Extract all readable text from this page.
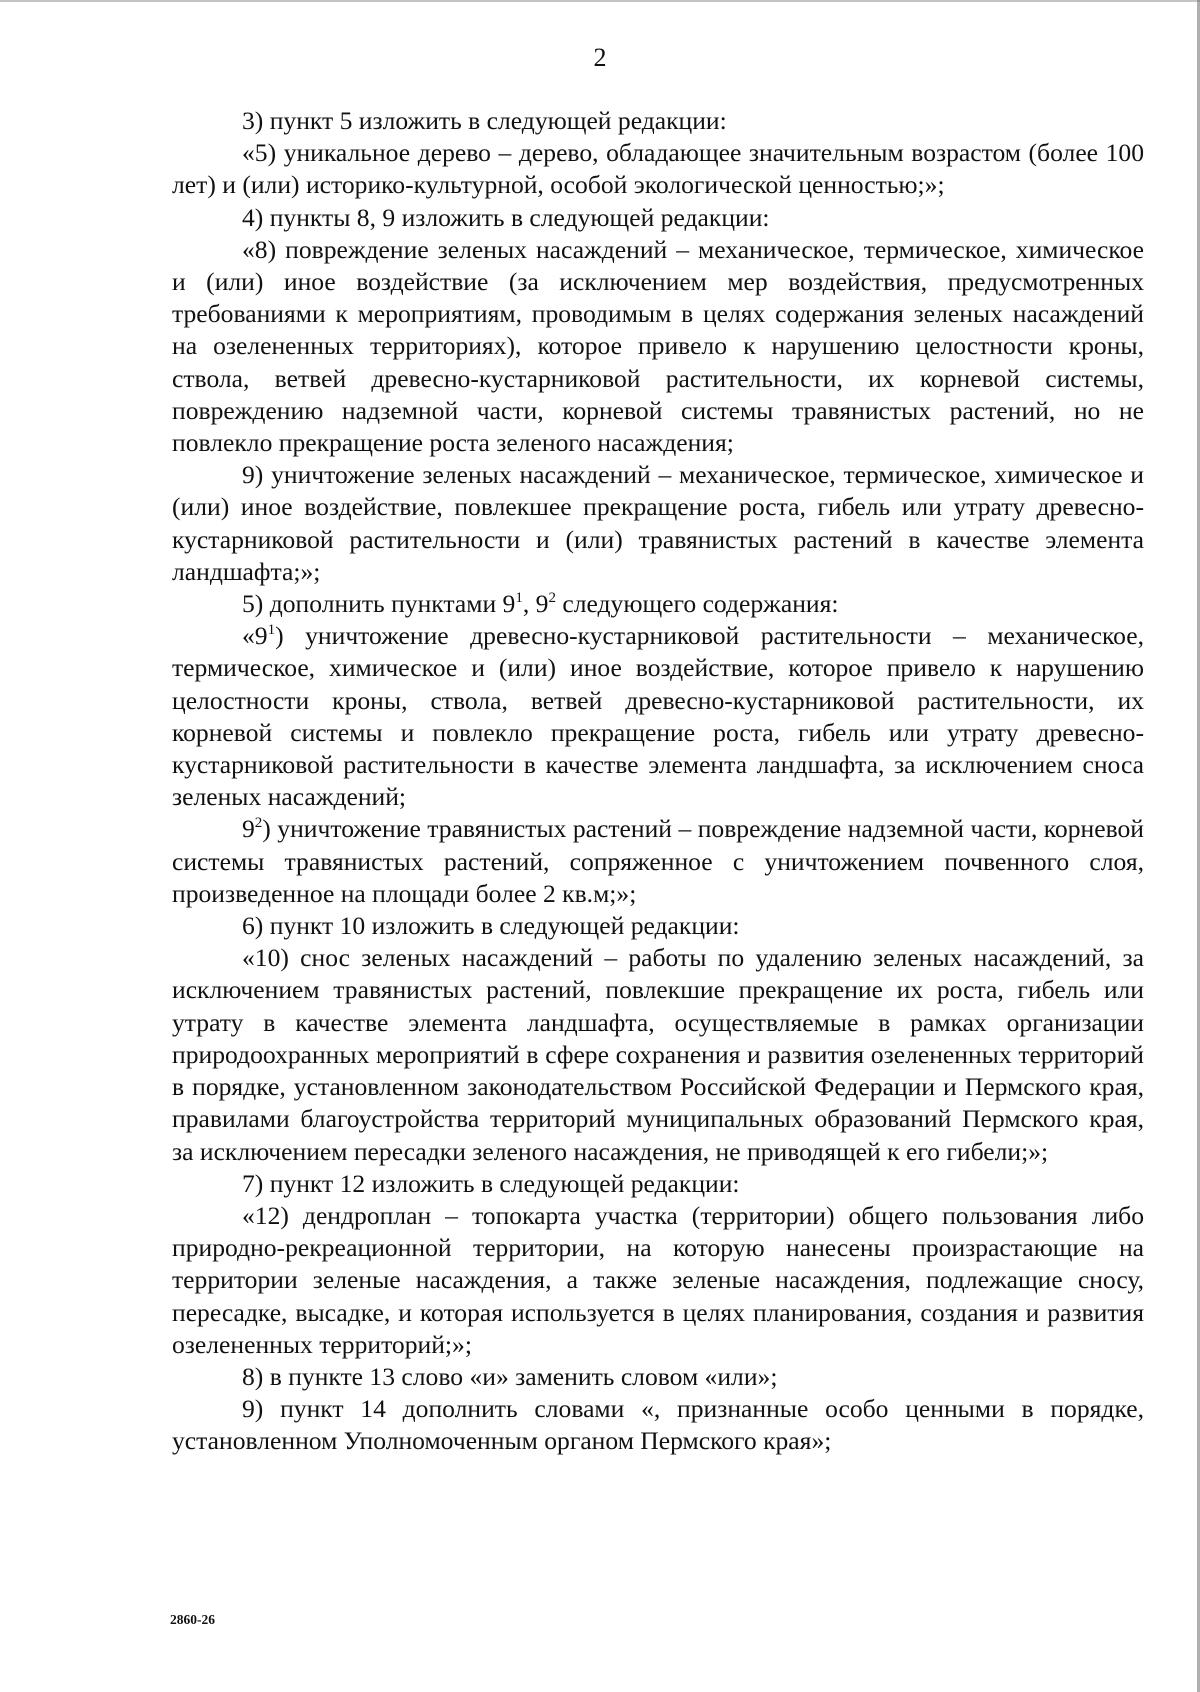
2

3) пункт 5 изложить в следующей редакции:

«5) уникальное дерево – дерево, обладающее значительным возрастом (более 100 лет) и (или) историко-культурной, особой экологической ценностью;»;

4) пункты 8, 9 изложить в следующей редакции:

«8) повреждение зеленых насаждений – механическое, термическое, химическое и (или) иное воздействие (за исключением мер воздействия, предусмотренных требованиями к мероприятиям, проводимым в целях содержания зеленых насаждений на озелененных территориях), которое привело к нарушению целостности кроны, ствола, ветвей древесно-кустарниковой растительности, их корневой системы, повреждению надземной части, корневой системы травянистых растений, но не повлекло прекращение роста зеленого насаждения;

9) уничтожение зеленых насаждений – механическое, термическое, химическое и (или) иное воздействие, повлекшее прекращение роста, гибель или утрату древесно-кустарниковой растительности и (или) травянистых растений в качестве элемента ландшафта;»;

5) дополнить пунктами $9^1$, $9^2$ следующего содержания:

«$9^1$) уничтожение древесно-кустарниковой растительности – механическое, термическое, химическое и (или) иное воздействие, которое привело к нарушению целостности кроны, ствола, ветвей древесно-кустарниковой растительности, их корневой системы и повлекло прекращение роста, гибель или утрату древесно-кустарниковой растительности в качестве элемента ландшафта, за исключением сноса зеленых насаждений;

$9^2$) уничтожение травянистых растений – повреждение надземной части, корневой системы травянистых растений, сопряженное с уничтожением почвенного слоя, произведенное на площади более 2 кв.м;»;

6) пункт 10 изложить в следующей редакции:

«10) снос зеленых насаждений – работы по удалению зеленых насаждений, за исключением травянистых растений, повлекшие прекращение их роста, гибель или утрату в качестве элемента ландшафта, осуществляемые в рамках организации природоохранных мероприятий в сфере сохранения и развития озелененных территорий в порядке, установленном законодательством Российской Федерации и Пермского края, правилами благоустройства территорий муниципальных образований Пермского края, за исключением пересадки зеленого насаждения, не приводящей к его гибели;»;

7) пункт 12 изложить в следующей редакции:

«12) дендроплан – топокарта участка (территории) общего пользования либо природно-рекреационной территории, на которую нанесены произрастающие на территории зеленые насаждения, а также зеленые насаждения, подлежащие сносу, пересадке, высадке, и которая используется в целях планирования, создания и развития озелененных территорий;»;

8) в пункте 13 слово «и» заменить словом «или»;

9) пункт 14 дополнить словами «, признанные особо ценными в порядке, установленном Уполномоченным органом Пермского края»;

2860-26
